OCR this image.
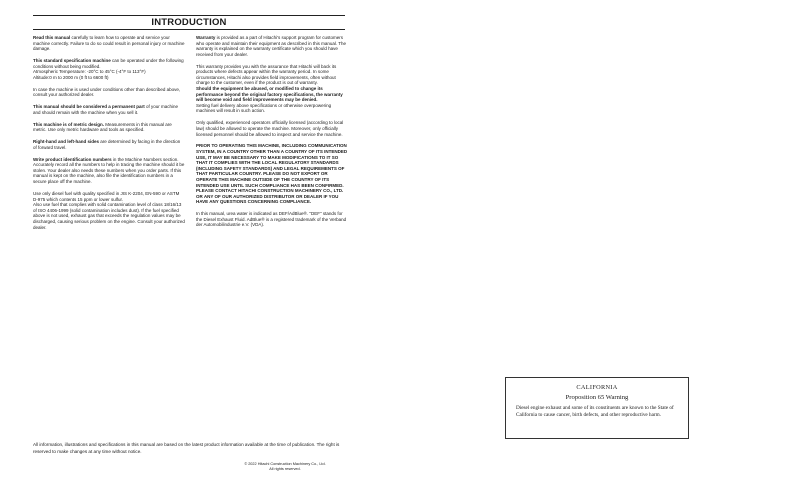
INTRODUCTION

Read this manual carefully to learn how to operate and service your machine correctly. Failure to do so could result in personal injury or machine damage.

This standard specification machine can be operated under the following conditions without being modified.
Atmospheric Temperature: -20°C to 45°C (-4°F to 113°F)
Altitude:0 m to 2000 m (0 ft to 6600 ft)

In case the machine is used under conditions other than described above, consult your authorized dealer.

This manual should be considered a permanent part of your machine and should remain with the machine when you sell it.

This machine is of metric design. Measurements in this manual are metric. Use only metric hardware and tools as specified.

Right-hand and left-hand sides are determined by facing in the direction of forward travel.

Write product identification numbers in the Machine Numbers section. Accurately record all the numbers to help in tracing the machine should it be stolen. Your dealer also needs these numbers when you order parts. If this manual is kept on the machine, also file the identification numbers in a secure place off the machine.

Use only diesel fuel with quality specified in JIS K-2204, EN-590 or ASTM D-975 which contents 15 ppm or lower sulfur.

Also use fuel that complies with solid contamination level of class 18/16/13 of ISO 4406-1999 (solid contamination includes dust). If the fuel specified above is not used, exhaust gas that exceeds the regulation values may be discharged, causing serious problem on the engine. Consult your authorized dealer.

Warranty is provided as a part of Hitachi's support program for customers who operate and maintain their equipment as described in this manual. The warranty is explained on the warranty certificate which you should have received from your dealer.

This warranty provides you with the assurance that Hitachi will back its products where defects appear within the warranty period. In some circumstances, Hitachi also provides field improvements, often without charge to the customer, even if the product is out of warranty.
Should the equipment be abused, or modified to change its performance beyond the original factory specifications, the warranty will become void and field improvements may be denied.
Setting fuel delivery above specifications or otherwise overpowering machines will result in such action.

Only qualified, experienced operators officially licensed (according to local law) should be allowed to operate the machine. Moreover, only officially licensed personnel should be allowed to inspect and service the machine.

PRIOR TO OPERATING THIS MACHINE, INCLUDING COMMUNICATION SYSTEM, IN A COUNTRY OTHER THAN A COUNTRY OF ITS INTENDED USE, IT MAY BE NECESSARY TO MAKE MODIFICATIONS TO IT SO THAT IT COMPLIES WITH THE LOCAL REGULATORY STANDARDS (INCLUDING SAFETY STANDARDS) AND LEGAL REQUIREMENTS OF THAT PARTICULAR COUNTRY. PLEASE DO NOT EXPORT OR OPERATE THIS MACHINE OUTSIDE OF THE COUNTRY OF ITS INTENDED USE UNTIL SUCH COMPLIANCE HAS BEEN CONFIRMED. PLEASE CONTACT HITACHI CONSTRUCTION MACHINERY CO., LTD. OR ANY OF OUR AUTHORIZED DISTRIBUTOR OR DEALER IF YOU HAVE ANY QUESTIONS CONCERNING COMPLIANCE.

In this manual, urea water is indicated as DEF/AdBlue®. "DEF" stands for the Diesel Exhaust Fluid. AdBlue® is a registered trademark of the Verband der Automobilindustrie e.V. (VDA).

All information, illustrations and specifications in this manual are based on the latest product information available at the time of publication. The right is reserved to make changes at any time without notice.
© 2022 Hitachi Construction Machinery Co., Ltd.
All rights reserved.
CALIFORNIA
Proposition 65 Warning
Diesel engine exhaust and some of its constituents are known to the State of California to cause cancer, birth defects, and other reproductive harm.
